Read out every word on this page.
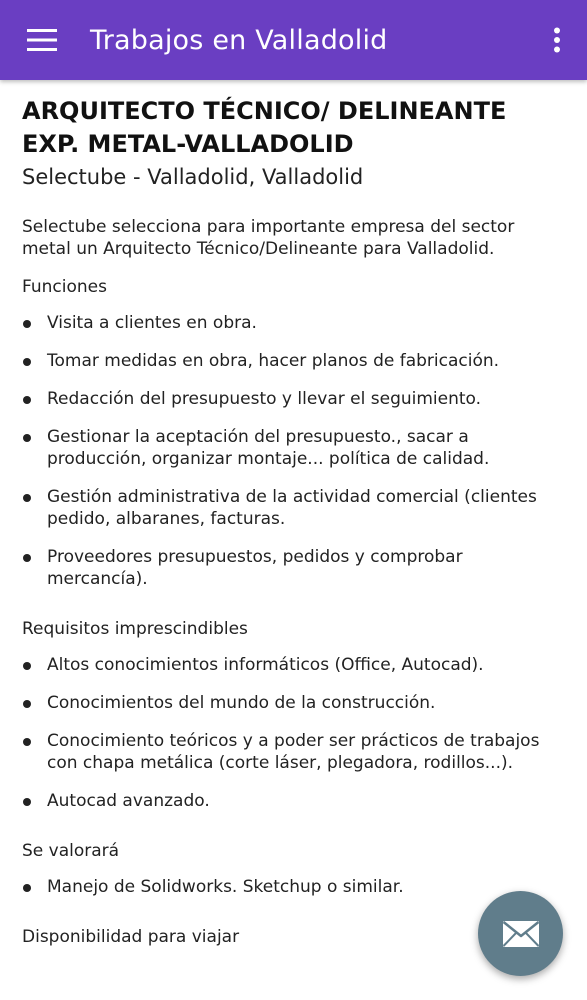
Trabajos en Valladolid
ARQUITECTO TÉCNICO/ DELINEANTE EXP. METAL-VALLADOLID

Selectube - Valladolid, Valladolid

Selectube selecciona para importante empresa del sector metal un Arquitecto Técnico/Delineante para Valladolid.

Funciones
Visita a clientes en obra.
Tomar medidas en obra, hacer planos de fabricación.
Redacción del presupuesto y llevar el seguimiento.
Gestionar la aceptación del presupuesto., sacar a producción, organizar montaje... política de calidad.
Gestión administrativa de la actividad comercial (clientes pedido, albaranes, facturas.
Proveedores presupuestos, pedidos y comprobar mercancía).
Requisitos imprescindibles
Altos conocimientos informáticos (Office, Autocad).
Conocimientos del mundo de la construcción.
Conocimiento teóricos y a poder ser prácticos de trabajos con chapa metálica (corte láser, plegadora, rodillos...).
Autocad avanzado.
Se valorará
Manejo de Solidworks. Sketchup o similar.
Disponibilidad para viajar
